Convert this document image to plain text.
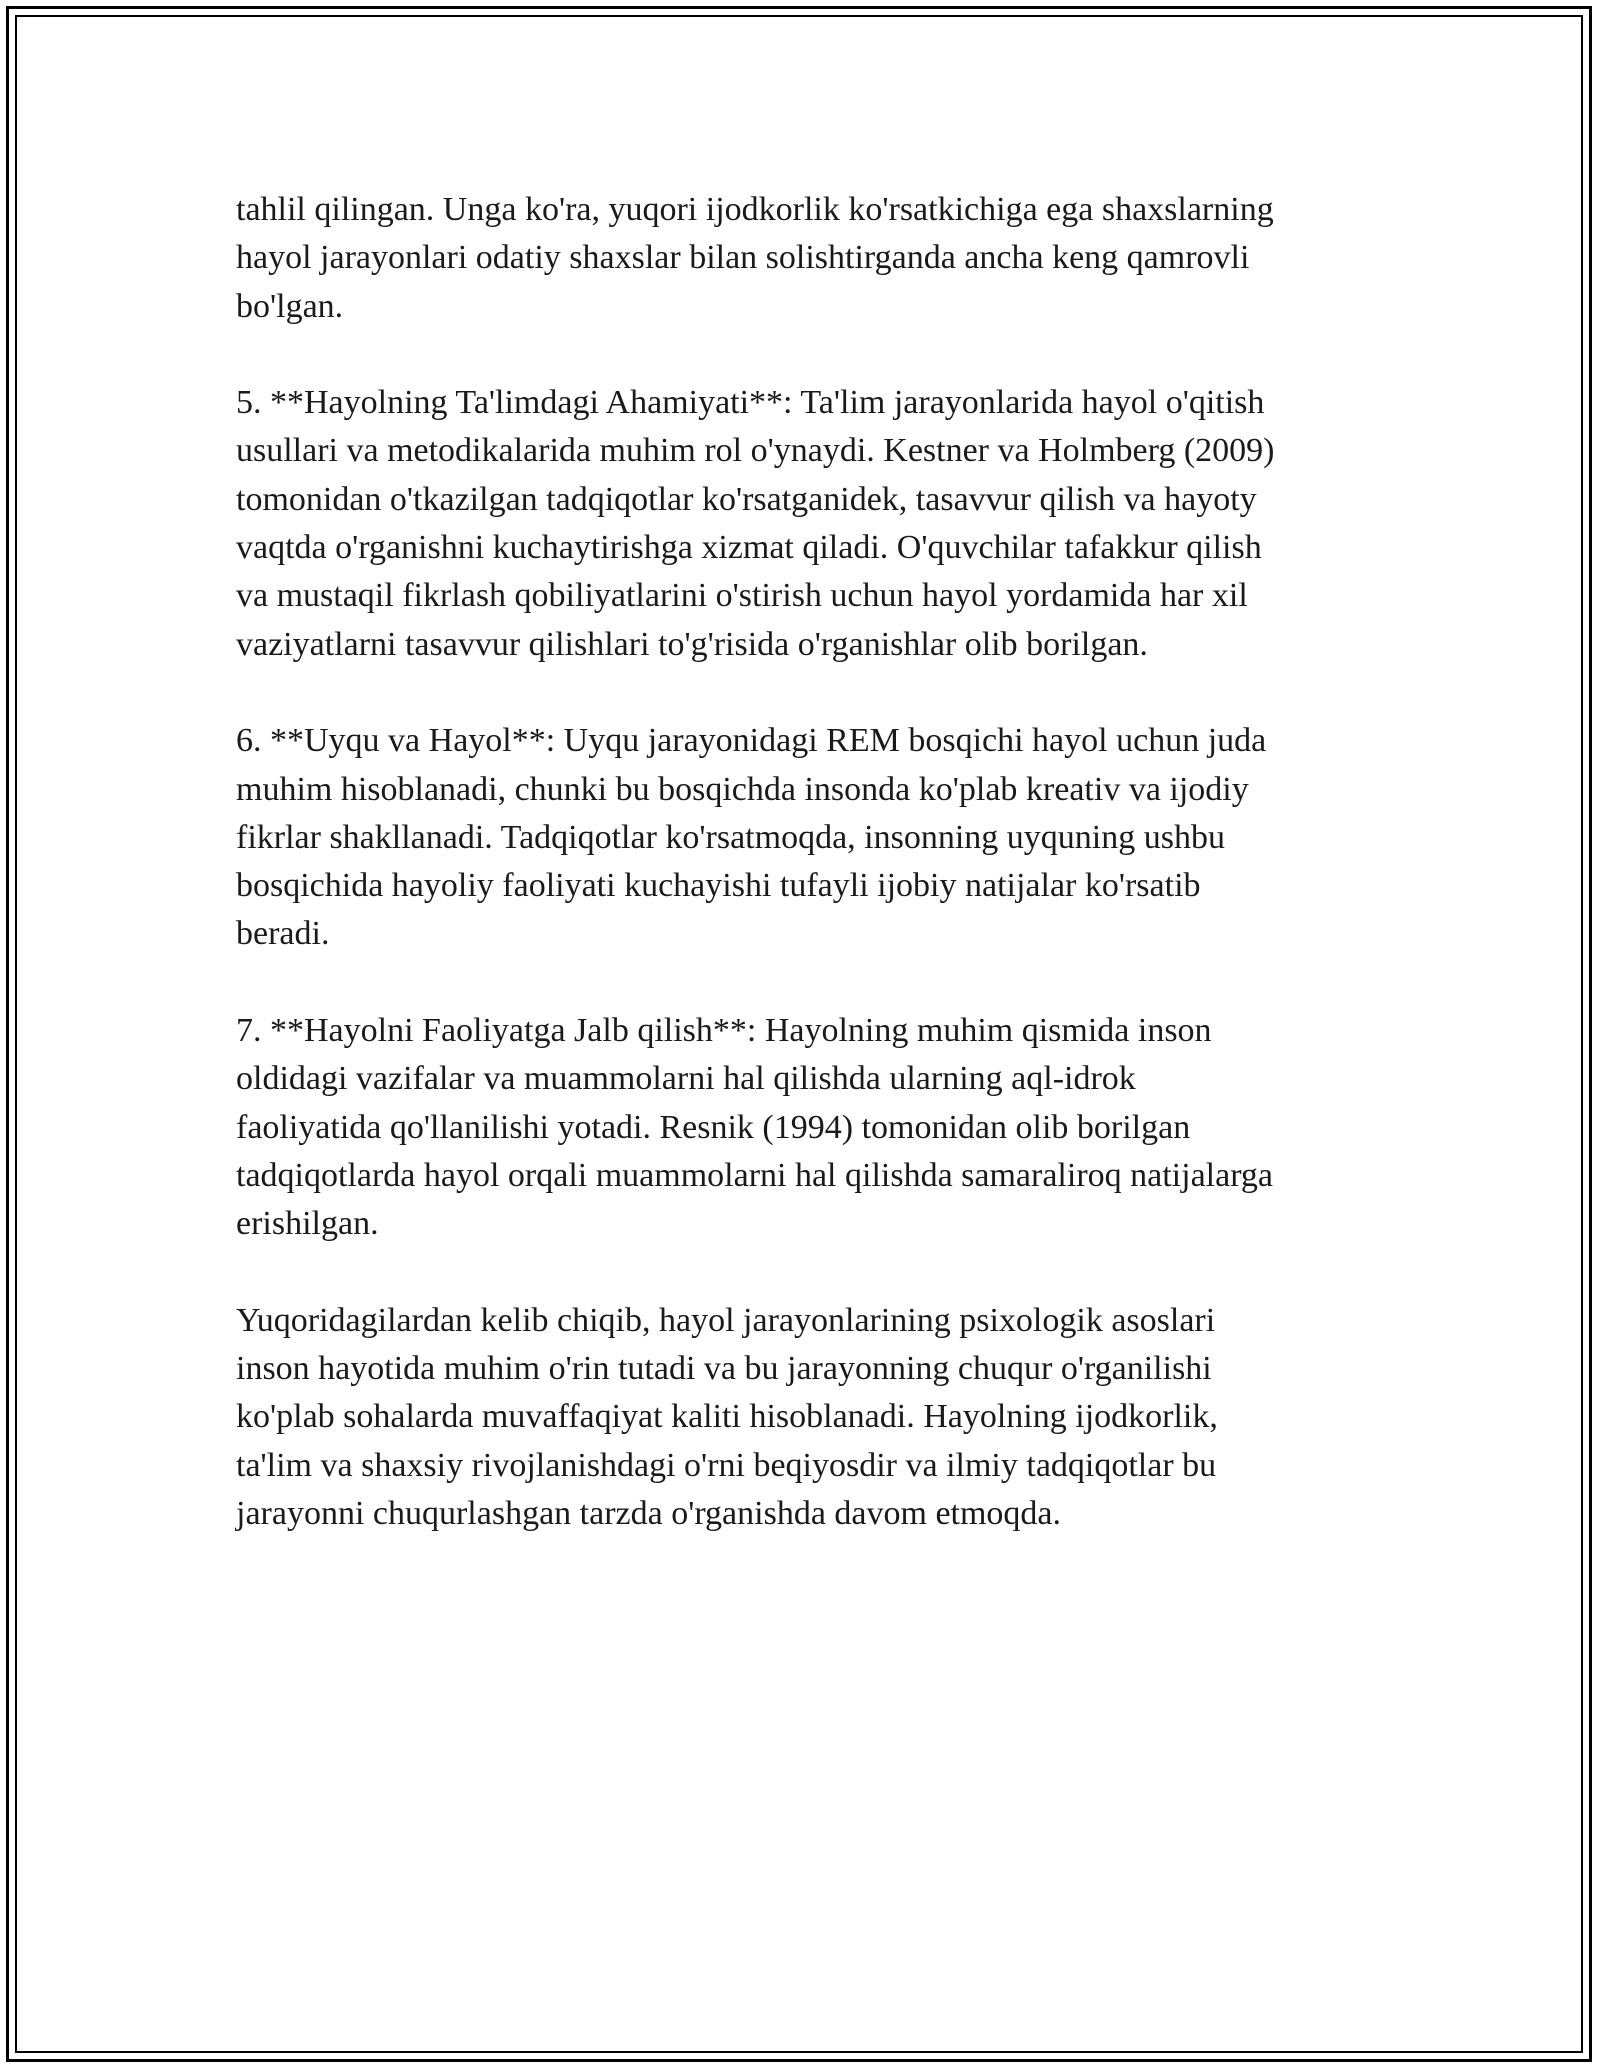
tahlil qilingan. Unga ko'ra, yuqori ijodkorlik ko'rsatkichiga ega shaxslarning
hayol jarayonlari odatiy shaxslar bilan solishtirganda ancha keng qamrovli
bo'lgan.

5. **Hayolning Ta'limdagi Ahamiyati**: Ta'lim jarayonlarida hayol o'qitish
usullari va metodikalarida muhim rol o'ynaydi. Kestner va Holmberg (2009)
tomonidan o'tkazilgan tadqiqotlar ko'rsatganidek, tasavvur qilish va hayoty
vaqtda o'rganishni kuchaytirishga xizmat qiladi. O'quvchilar tafakkur qilish
va mustaqil fikrlash qobiliyatlarini o'stirish uchun hayol yordamida har xil
vaziyatlarni tasavvur qilishlari to'g'risida o'rganishlar olib borilgan.

6. **Uyqu va Hayol**: Uyqu jarayonidagi REM bosqichi hayol uchun juda
muhim hisoblanadi, chunki bu bosqichda insonda ko'plab kreativ va ijodiy
fikrlar shakllanadi. Tadqiqotlar ko'rsatmoqda, insonning uyquning ushbu
bosqichida hayoliy faoliyati kuchayishi tufayli ijobiy natijalar ko'rsatib
beradi.

7. **Hayolni Faoliyatga Jalb qilish**: Hayolning muhim qismida inson
oldidagi vazifalar va muammolarni hal qilishda ularning aql-idrok
faoliyatida qo'llanilishi yotadi. Resnik (1994) tomonidan olib borilgan
tadqiqotlarda hayol orqali muammolarni hal qilishda samaraliroq natijalarga
erishilgan.

Yuqoridagilardan kelib chiqib, hayol jarayonlarining psixologik asoslari
inson hayotida muhim o'rin tutadi va bu jarayonning chuqur o'rganilishi
ko'plab sohalarda muvaffaqiyat kaliti hisoblanadi. Hayolning ijodkorlik,
ta'lim va shaxsiy rivojlanishdagi o'rni beqiyosdir va ilmiy tadqiqotlar bu
jarayonni chuqurlashgan tarzda o'rganishda davom etmoqda.
